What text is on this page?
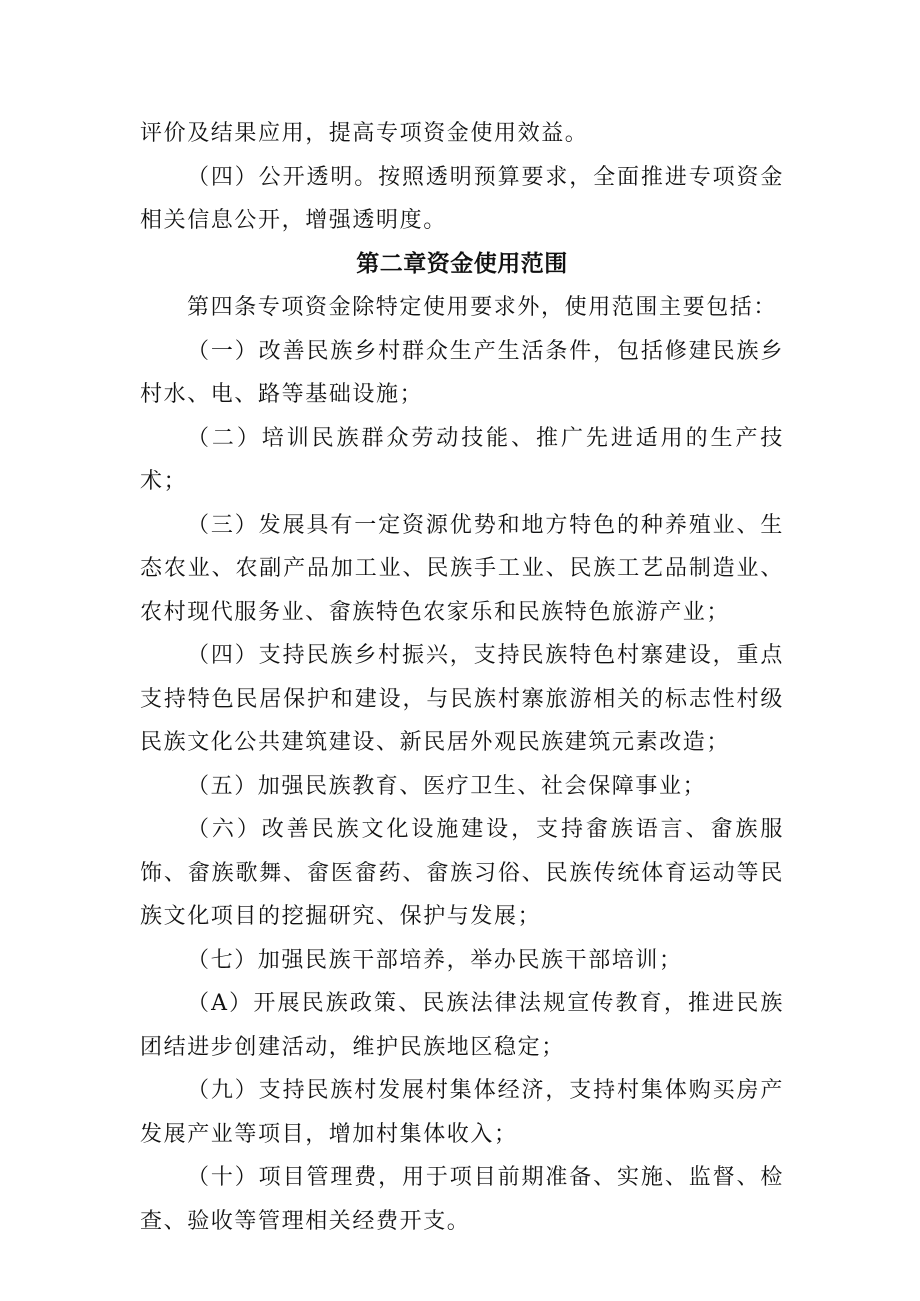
评价及结果应用，提高专项资金使用效益。

（四）公开透明。按照透明预算要求，全面推进专项资金相关信息公开，增强透明度。

第二章资金使用范围

第四条专项资金除特定使用要求外，使用范围主要包括：

（一）改善民族乡村群众生产生活条件，包括修建民族乡村水、电、路等基础设施；

（二）培训民族群众劳动技能、推广先进适用的生产技术；

（三）发展具有一定资源优势和地方特色的种养殖业、生态农业、农副产品加工业、民族手工业、民族工艺品制造业、农村现代服务业、畲族特色农家乐和民族特色旅游产业；

（四）支持民族乡村振兴，支持民族特色村寨建设，重点支持特色民居保护和建设，与民族村寨旅游相关的标志性村级民族文化公共建筑建设、新民居外观民族建筑元素改造；

（五）加强民族教育、医疗卫生、社会保障事业；

（六）改善民族文化设施建设，支持畲族语言、畲族服饰、畲族歌舞、畲医畲药、畲族习俗、民族传统体育运动等民族文化项目的挖掘研究、保护与发展；

（七）加强民族干部培养，举办民族干部培训；

（A）开展民族政策、民族法律法规宣传教育，推进民族团结进步创建活动，维护民族地区稳定；

（九）支持民族村发展村集体经济，支持村集体购买房产发展产业等项目，增加村集体收入；

（十）项目管理费，用于项目前期准备、实施、监督、检查、验收等管理相关经费开支。
